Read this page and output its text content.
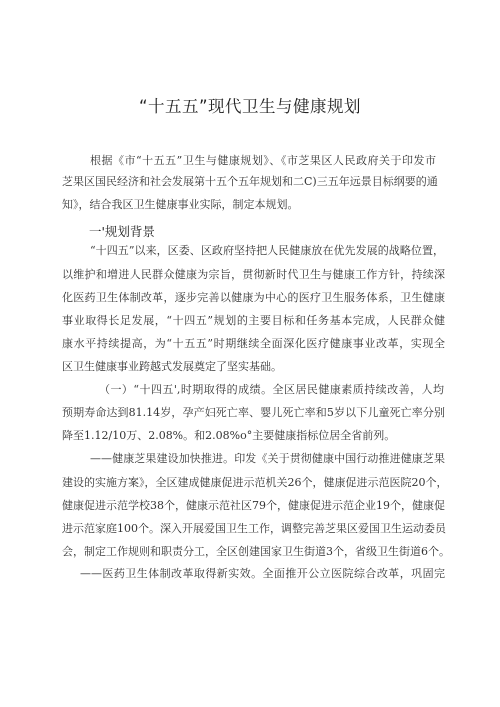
“十五五”现代卫生与健康规划
根据《市“十五五”卫生与健康规划》、《市芝果区人民政府关于印发市
芝果区国民经济和社会发展第十五个五年规划和二C)三五年远景目标纲要的通
知》，结合我区卫生健康事业实际，制定本规划。
一'规划背景
“十四五”以来，区委、区政府坚持把人民健康放在优先发展的战略位置，
以维护和增进人民群众健康为宗旨，贯彻新时代卫生与健康工作方针，持续深
化医药卫生体制改革，逐步完善以健康为中心的医疗卫生服务体系，卫生健康
事业取得长足发展，“十四五”规划的主要目标和任务基本完成，人民群众健
康水平持续提高，为“十五五”时期继续全面深化医疗健康事业改革，实现全
区卫生健康事业跨越式发展奠定了坚实基础。
（一）“十四五',时期取得的成绩。全区居民健康素质持续改善，人均
预期寿命达到81.14岁，孕产妇死亡率、婴儿死亡率和5岁以下儿童死亡率分别
降至1.12/10万、2.08%。和2.08%o°主要健康指标位居全省前列。
——健康芝果建设加快推进。印发《关于贯彻健康中国行动推进健康芝果
建设的实施方案》，全区建成健康促进示范机关26个，健康促进示范医院20个，
健康促进示范学校38个，健康示范社区79个，健康促进示范企业19个，健康促
进示范家庭100个。深入开展爱国卫生工作，调整完善芝果区爱国卫生运动委员
会，制定工作规则和职责分工，全区创建国家卫生街道3个，省级卫生街道6个。
——医药卫生体制改革取得新实效。全面推开公立医院综合改革，巩固完
